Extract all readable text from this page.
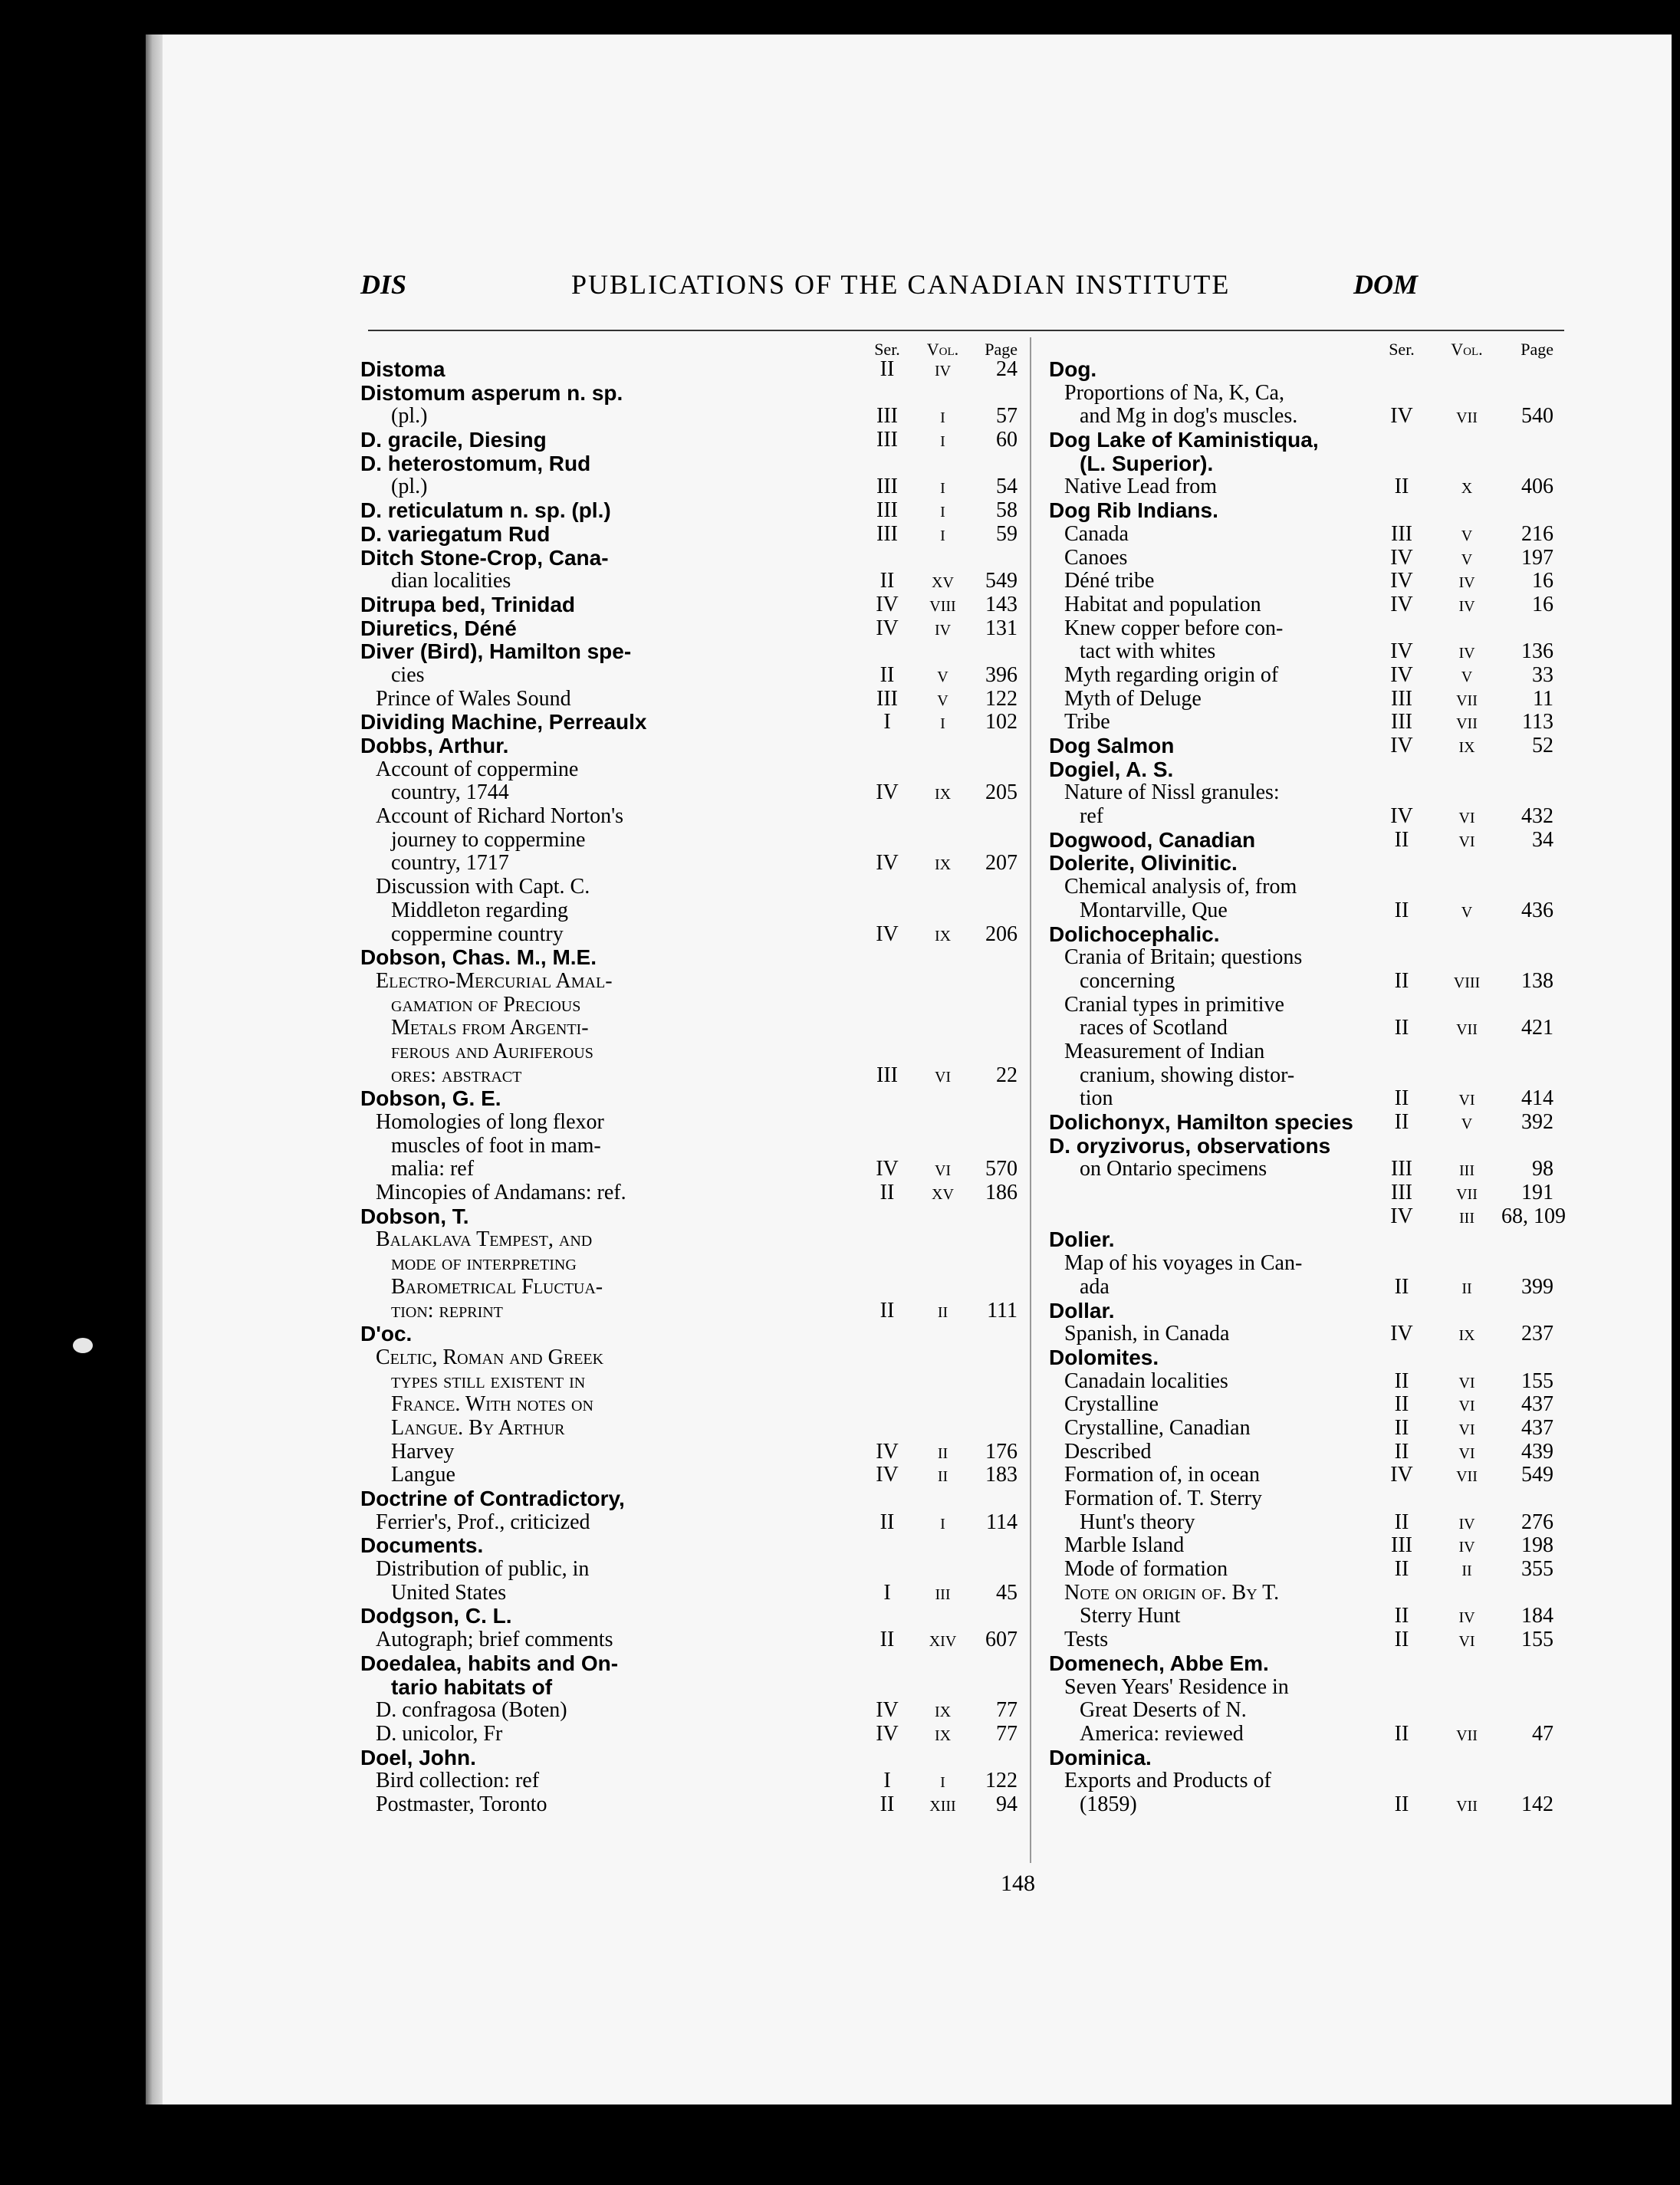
DIS	PUBLICATIONS OF THE CANADIAN INSTITUTE	DOM
Ser.	Vol.	Page
Distoma	II	iv	24
Distomum asperum n. sp.
(pl.)	III	i	57
D. gracile, Diesing	III	i	60
D. heterostomum, Rud
(pl.)	III	i	54
D. reticulatum n. sp. (pl.)	III	i	58
D. variegatum Rud	III	i	59
Ditch Stone-Crop, Cana-
dian localities	II	xv	549
Ditrupa bed, Trinidad	IV	viii	143
Diuretics, Déné	IV	iv	131
Diver (Bird), Hamilton spe-
cies	II	v	396
Prince of Wales Sound	III	v	122
Dividing Machine, Perreaulx	I	i	102
Dobbs, Arthur.
Account of coppermine
country, 1744	IV	ix	205
Account of Richard Norton's
journey to coppermine
country, 1717	IV	ix	207
Discussion with Capt. C.
Middleton regarding
coppermine country	IV	ix	206
Dobson, Chas. M., M.E.
Electro-Mercurial Amal-
gamation of Precious
Metals from Argenti-
ferous and Auriferous
ores: abstract	III	vi	22
Dobson, G. E.
Homologies of long flexor
muscles of foot in mam-
malia: ref	IV	vi	570
Mincopies of Andamans: ref.	II	xv	186
Dobson, T.
Balaklava Tempest, and
mode of interpreting
Barometrical Fluctua-
tion: reprint	II	ii	111
D'oc.
Celtic, Roman and Greek
types still existent in
France. With notes on
Langue. By Arthur
Harvey	IV	ii	176
Langue	IV	ii	183
Doctrine of Contradictory,
Ferrier's, Prof., criticized	II	i	114
Documents.
Distribution of public, in
United States	I	iii	45
Dodgson, C. L.
Autograph; brief comments	II	xiv	607
Doedalea, habits and On-
tario habitats of
D. confragosa (Boten)	IV	ix	77
D. unicolor, Fr	IV	ix	77
Doel, John.
Bird collection: ref	I	i	122
Postmaster, Toronto	II	xiii	94
Ser.	Vol.	Page
Dog.
Proportions of Na, K, Ca,
and Mg in dog's muscles.	IV	vii	540
Dog Lake of Kaministiqua,
(L. Superior).
Native Lead from	II	x	406
Dog Rib Indians.
Canada	III	v	216
Canoes	IV	v	197
Déné tribe	IV	iv	16
Habitat and population	IV	iv	16
Knew copper before con-
tact with whites	IV	iv	136
Myth regarding origin of	IV	v	33
Myth of Deluge	III	vii	11
Tribe	III	vii	113
Dog Salmon	IV	ix	52
Dogiel, A. S.
Nature of Nissl granules:
ref	IV	vi	432
Dogwood, Canadian	II	vi	34
Dolerite, Olivinitic.
Chemical analysis of, from
Montarville, Que	II	v	436
Dolichocephalic.
Crania of Britain; questions
concerning	II	viii	138
Cranial types in primitive
races of Scotland	II	vii	421
Measurement of Indian
cranium, showing distor-
tion	II	vi	414
Dolichonyx, Hamilton species	II	v	392
D. oryzivorus, observations
on Ontario specimens	III	iii	98
III	vii	191
IV	iii	68, 109
Dolier.
Map of his voyages in Can-
ada	II	ii	399
Dollar.
Spanish, in Canada	IV	ix	237
Dolomites.
Canadain localities	II	vi	155
Crystalline	II	vi	437
Crystalline, Canadian	II	vi	437
Described	II	vi	439
Formation of, in ocean	IV	vii	549
Formation of. T. Sterry
Hunt's theory	II	iv	276
Marble Island	III	iv	198
Mode of formation	II	ii	355
Note on origin of. By T.
Sterry Hunt	II	iv	184
Tests	II	vi	155
Domenech, Abbe Em.
Seven Years' Residence in
Great Deserts of N.
America: reviewed	II	vii	47
Dominica.
Exports and Products of
(1859)	II	vii	142
148
